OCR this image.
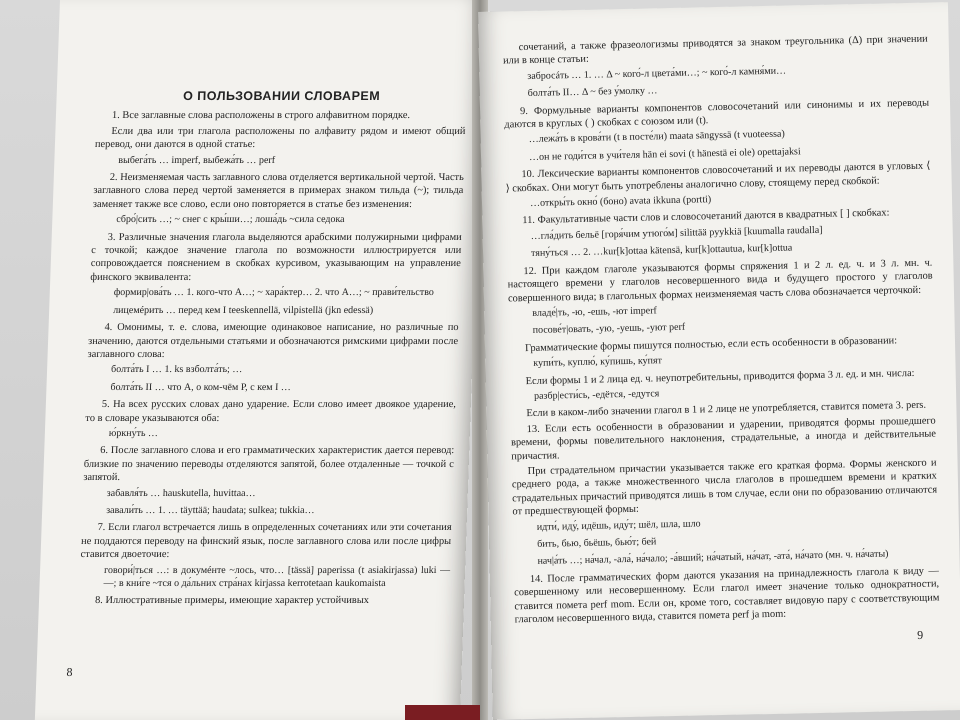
О ПОЛЬЗОВАНИИ СЛОВАРЕМ

1. Все заглавные слова расположены в строго алфавитном порядке.

Если два или три глагола расположены по алфавиту рядом и имеют общий перевод, они даются в одной статье:

выбега́ть … imperf, выбежа́ть … perf

2. Неизменяемая часть заглавного слова отделяется вертикальной чертой. Часть заглавного слова перед чертой заменяется в примерах знаком тильда (~); тильда заменяет также все слово, если оно повторяется в статье без изменения:

сбро́|сить …; ~ снег с кры́ши…; лоша́дь ~сила седока

3. Различные значения глагола выделяются арабскими полужирными цифрами с точкой; каждое значение глагола по возможности иллюстрируется или сопровождается пояснением в скобках курсивом, указывающим на управление финского эквивалента:

формир|ова́ть … 1. кого-что А…; ~ хара́ктер… 2. что А…; ~ прави́тельство

лицемéрить … перед кем I teeskennellä, vilpistellä (jkn edessä)

4. Омонимы, т. е. слова, имеющие одинаковое написание, но различные по значению, даются отдельными статьями и обозначаются римскими цифрами после заглавного слова:

болта́ть I … 1. ks взболта́ть; …

болта́ть II … что А, о ком-чём P, с кем I …

5. На всех русских словах дано ударение. Если слово имеет двоякое ударение, то в словаре указываются оба:

ю́ркну́ть …

6. После заглавного слова и его грамматических характеристик дается перевод: близкие по значению переводы отделяются запятой, более отдаленные — точкой с запятой.

забавля́ть … hauskutella, huvittaa…

завали́ть … 1. … täyttää; haudata; sulkea; tukkia…

7. Если глагол встречается лишь в определенных сочетаниях или эти сочетания не поддаются переводу на финский язык, после заглавного слова или после цифры ставится двоеточие:

говори́|ться …: в докумéнте ~лось, что… [tässä] paperissa (t asiakirjassa) luki — —; в кни́ге ~тся о да́льних стра́нах kirjassa kerrotetaan kaukomaista

8. Иллюстративные примеры, имеющие характер устойчивых

8

сочетаний, а также фразеологизмы приводятся за знаком треугольника (Δ) при значении или в конце статьи:

забросáть … 1. … Δ ~ кого́-л цвета́ми…; ~ кого́-л камня́ми…

болта́ть II… Δ ~ без у́молку …

9. Формульные варианты компонентов словосочетаний или синонимы и их переводы даются в круглых ( ) скобках с союзом или (t).

…лежа́ть в крова́ти (t в посте́ли) maata sängyssä (t vuoteessa)

…он не годи́тся в учи́теля hän ei sovi (t hänestä ei ole) opettajaksi

10. Лексические варианты компонентов словосочетаний и их переводы даются в угловых ⟨ ⟩ скобках. Они могут быть употреблены аналогично слову, стоящему перед скобкой:

…откры́ть окно́ (боно) avata ikkuna (portti)

11. Факультативные части слов и словосочетаний даются в квадратных [ ] скобках:

…гла́дить бельё [горя́чим утюго́м] silittää pyykkiä [kuumalla raudalla]

тяну́ться … 2. …kur[k]ottaa kätensä, kur[k]ottautua, kur[k]ottua

12. При каждом глаголе указываются формы спряжения 1 и 2 л. ед. ч. и 3 л. мн. ч. настоящего времени у глаголов несовершенного вида и будущего простого у глаголов совершенного вида; в глагольных формах неизменяемая часть слова обозначается черточкой:

владе́|ть, -ю, -ешь, -ют imperf

посове́т|овать, -ую, -уешь, -уют perf

Грамматические формы пишутся полностью, если есть особенности в образовании:

купи́ть, куплю́, ку́пишь, ку́пят

Если формы 1 и 2 лица ед. ч. неупотребительны, приводится форма 3 л. ед. и мн. числа:

разбр|ести́сь, -едётся, -едутся

Если в каком-либо значении глагол в 1 и 2 лице не употребляется, ставится помета 3. pers.

13. Если есть особенности в образовании и ударении, приводятся формы прошедшего времени, формы повелительного наклонения, страдательные, а иногда и действительные причастия.

При страдательном причастии указывается также его краткая форма. Формы женского и среднего рода, а также множественного числа глаголов в прошедшем времени и кратких страдательных причастий приводятся лишь в том случае, если они по образованию отличаются от предшествующей формы:

идти́, иду́, идёшь, иду́т; шёл, шла, шло

бить, бью, бьёшь, бью́т; бей

нач|а́ть …; на́чал, -ала́, на́чало; -а́вший; на́чатый, на́чат, -ата́, на́чато (мн. ч. на́чаты)

14. После грамматических форм даются указания на принадлежность глагола к виду — совершенному или несовершенному. Если глагол имеет значение только однократности, ставится помета perf mom. Если он, кроме того, составляет видовую пару с соответствующим глаголом несовершенного вида, ставится помета perf ja mom:

9
